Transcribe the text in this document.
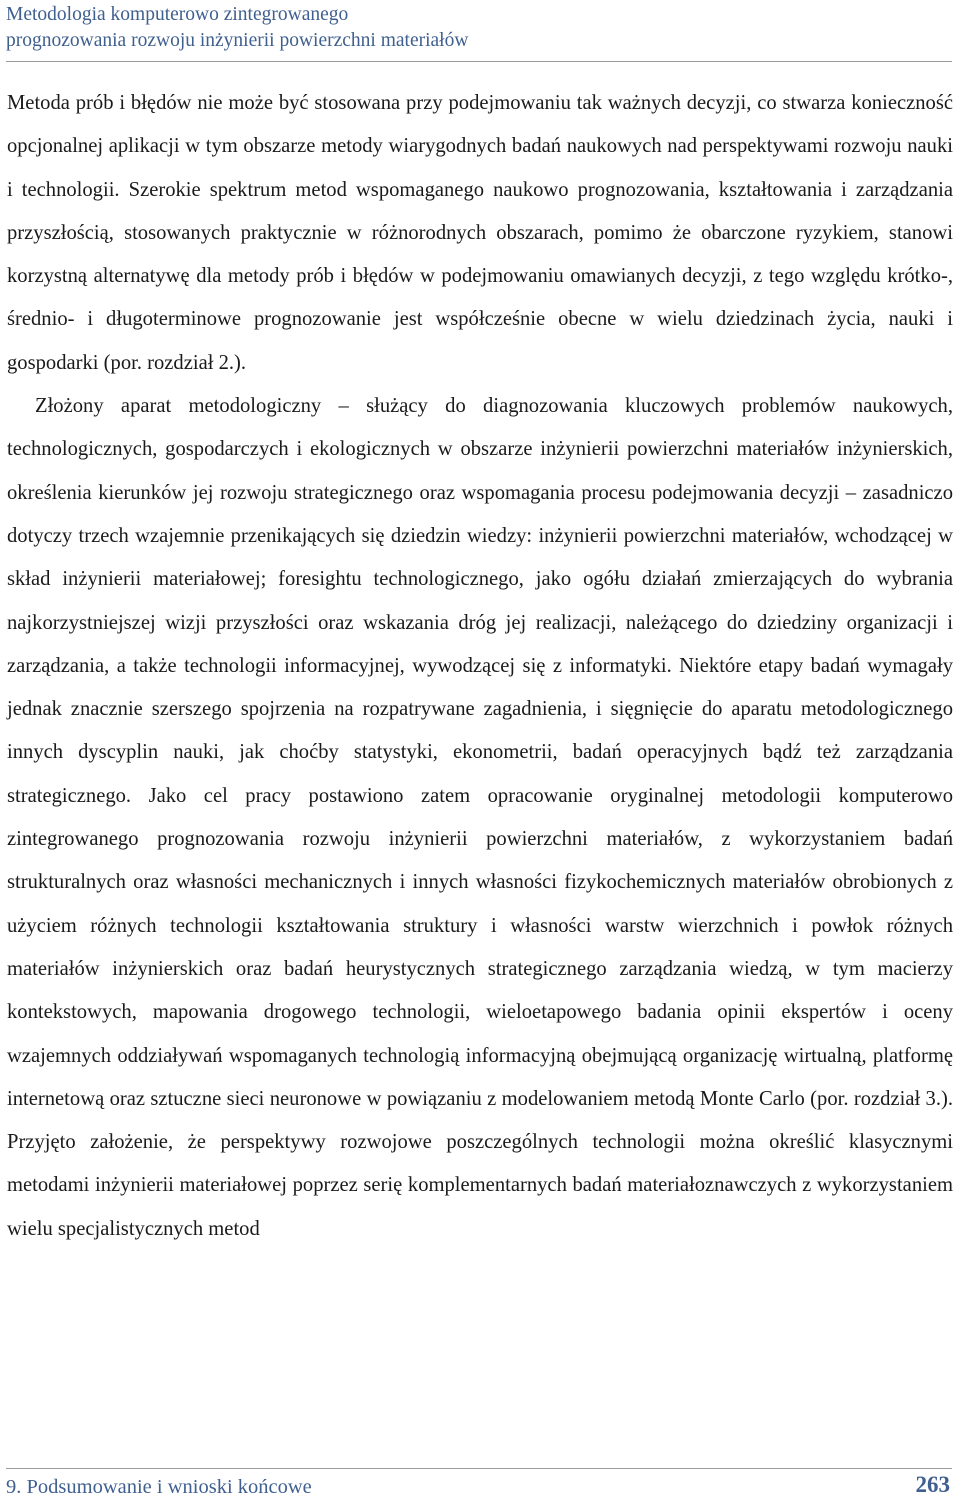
Metodologia komputerowo zintegrowanego
prognozowania rozwoju inżynierii powierzchni materiałów

Metoda prób i błędów nie może być stosowana przy podejmowaniu tak ważnych decyzji, co stwarza konieczność opcjonalnej aplikacji w tym obszarze metody wiarygodnych badań naukowych nad perspektywami rozwoju nauki i technologii. Szerokie spektrum metod wspomaganego naukowo prognozowania, kształtowania i zarządzania przyszłością, stosowanych praktycznie w różnorodnych obszarach, pomimo że obarczone ryzykiem, stanowi korzystną alternatywę dla metody prób i błędów w podejmowaniu omawianych decyzji, z tego względu krótko-, średnio- i długoterminowe prognozowanie jest współcześnie obecne w wielu dziedzinach życia, nauki i gospodarki (por. rozdział 2.).

Złożony aparat metodologiczny – służący do diagnozowania kluczowych problemów naukowych, technologicznych, gospodarczych i ekologicznych w obszarze inżynierii powierzchni materiałów inżynierskich, określenia kierunków jej rozwoju strategicznego oraz wspomagania procesu podejmowania decyzji – zasadniczo dotyczy trzech wzajemnie przenikających się dziedzin wiedzy: inżynierii powierzchni materiałów, wchodzącej w skład inżynierii materiałowej; foresightu technologicznego, jako ogółu działań zmierzających do wybrania najkorzystniejszej wizji przyszłości oraz wskazania dróg jej realizacji, należącego do dziedziny organizacji i zarządzania, a także technologii informacyjnej, wywodzącej się z informatyki. Niektóre etapy badań wymagały jednak znacznie szerszego spojrzenia na rozpatrywane zagadnienia, i sięgnięcie do aparatu metodologicznego innych dyscyplin nauki, jak choćby statystyki, ekonometrii, badań operacyjnych bądź też zarządzania strategicznego. Jako cel pracy postawiono zatem opracowanie oryginalnej metodologii komputerowo zintegrowanego prognozowania rozwoju inżynierii powierzchni materiałów, z wykorzystaniem badań strukturalnych oraz własności mechanicznych i innych własności fizykochemicznych materiałów obrobionych z użyciem różnych technologii kształtowania struktury i własności warstw wierzchnich i powłok różnych materiałów inżynierskich oraz badań heurystycznych strategicznego zarządzania wiedzą, w tym macierzy kontekstowych, mapowania drogowego technologii, wieloetapowego badania opinii ekspertów i oceny wzajemnych oddziaływań wspomaganych technologią informacyjną obejmującą organizację wirtualną, platformę internetową oraz sztuczne sieci neuronowe w powiązaniu z modelowaniem metodą Monte Carlo (por. rozdział 3.). Przyjęto założenie, że perspektywy rozwojowe poszczególnych technologii można określić klasycznymi metodami inżynierii materiałowej poprzez serię komplementarnych badań materiałoznawczych z wykorzystaniem wielu specjalistycznych metod

9. Podsumowanie i wnioski końcowe	263
